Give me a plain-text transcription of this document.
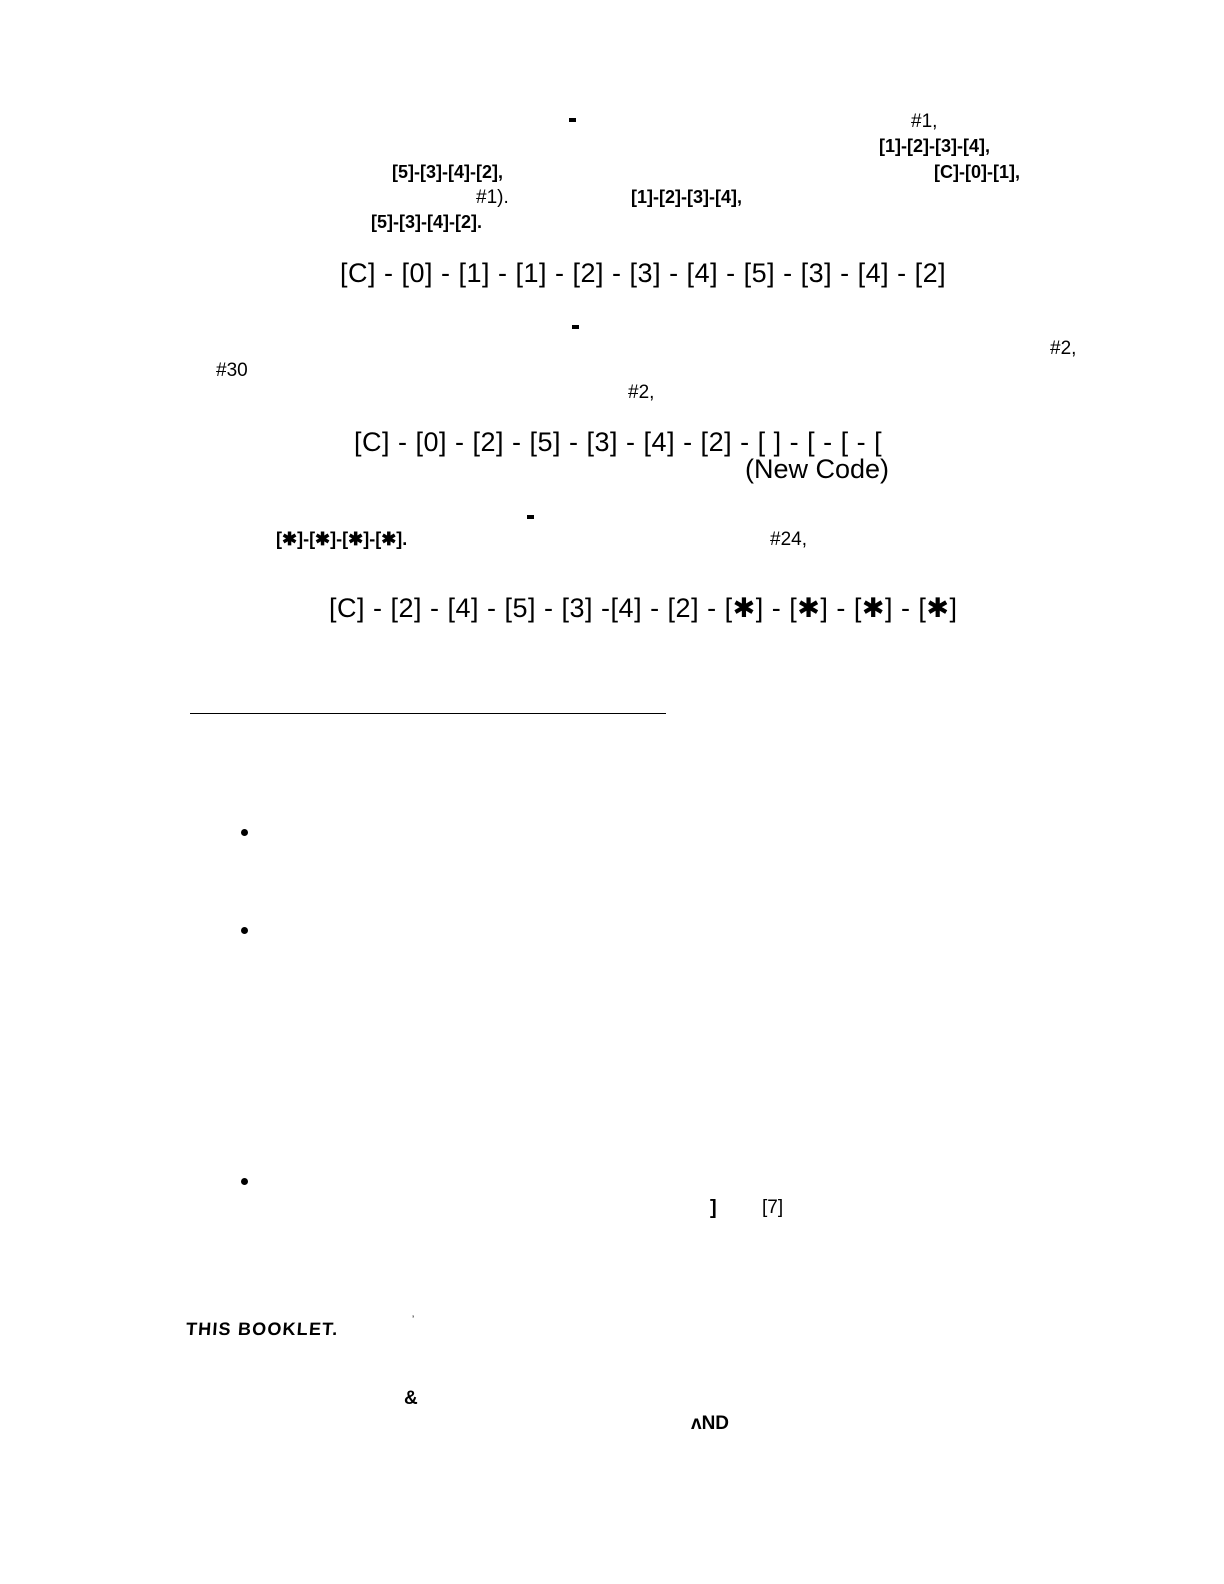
#1,
[1]-[2]-[3]-[4],
[5]-[3]-[4]-[2],	[C]-[0]-[1],
#1).	[1]-[2]-[3]-[4],
[5]-[3]-[4]-[2].
[C] - [0] - [1] - [1] - [2] - [3] - [4] - [5] - [3] - [4] - [2]
#2,
#30
#2,
[C] - [0] - [2] - [5] - [3] - [4] - [2] - [ ] - [ - [ - [
(New Code)
[✱]-[✱]-[✱]-[✱].	#24,
[C] - [2] - [4] - [5] - [3] -[4] - [2] - [✱] - [✱] - [✱] - [✱]
] [7]
THIS BOOKLET.	ʼ
&
ʌND
